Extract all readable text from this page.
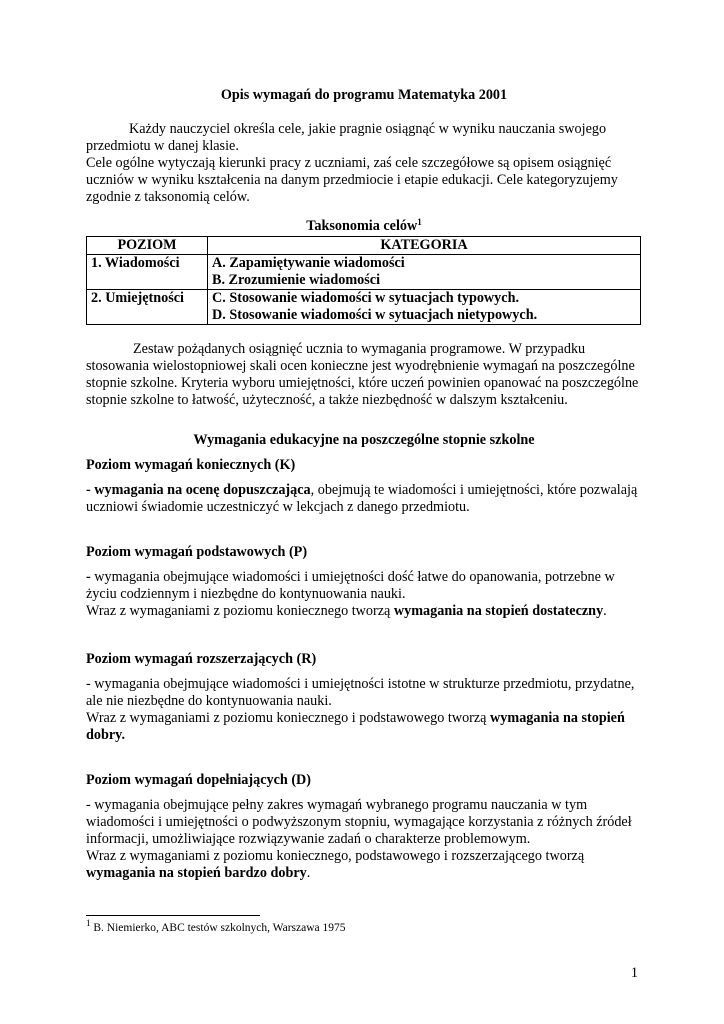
Opis wymagań do programu Matematyka 2001

Każdy nauczyciel określa cele, jakie pragnie osiągnąć w wyniku nauczania swojego przedmiotu w danej klasie.

Cele ogólne wytyczają kierunki pracy z uczniami, zaś cele szczegółowe są opisem osiągnięć uczniów w wyniku kształcenia na danym przedmiocie i etapie edukacji. Cele kategoryzujemy zgodnie z taksonomią celów.

Taksonomia celów$^1$
POZIOM	KATEGORIA
1. Wiadomości	A. Zapamiętywanie wiadomości
B. Zrozumienie wiadomości

2. Umiejętności	C. Stosowanie wiadomości w sytuacjach typowych.
D. Stosowanie wiadomości w sytuacjach nietypowych.

Zestaw pożądanych osiągnięć ucznia to wymagania programowe. W przypadku stosowania wielostopniowej skali ocen konieczne jest wyodrębnienie wymagań na poszczególne stopnie szkolne. Kryteria wyboru umiejętności, które uczeń powinien opanować na poszczególne stopnie szkolne to łatwość, użyteczność, a także niezbędność w dalszym kształceniu.

Wymagania edukacyjne na poszczególne stopnie szkolne

Poziom wymagań koniecznych (K)

- wymagania na ocenę dopuszczająca, obejmują te wiadomości i umiejętności, które pozwalają uczniowi świadomie uczestniczyć w lekcjach z danego przedmiotu.

Poziom wymagań podstawowych (P)

- wymagania obejmujące wiadomości i umiejętności dość łatwe do opanowania, potrzebne w życiu codziennym i niezbędne do kontynuowania nauki.

Wraz z wymaganiami z poziomu koniecznego tworzą wymagania na stopień dostateczny.

Poziom wymagań rozszerzających (R)

- wymagania obejmujące wiadomości i umiejętności istotne w strukturze przedmiotu, przydatne, ale nie niezbędne do kontynuowania nauki.

Wraz z wymaganiami z poziomu koniecznego i podstawowego tworzą wymagania na stopień dobry.

Poziom wymagań dopełniających (D)

- wymagania obejmujące pełny zakres wymagań wybranego programu nauczania w tym wiadomości i umiejętności o podwyższonym stopniu, wymagające korzystania z różnych źródeł informacji, umożliwiające rozwiązywanie zadań o charakterze problemowym.

Wraz z wymaganiami z poziomu koniecznego, podstawowego i rozszerzającego tworzą wymagania na stopień bardzo dobry.

$^1$ B. Niemierko, ABC testów szkolnych, Warszawa 1975
1
